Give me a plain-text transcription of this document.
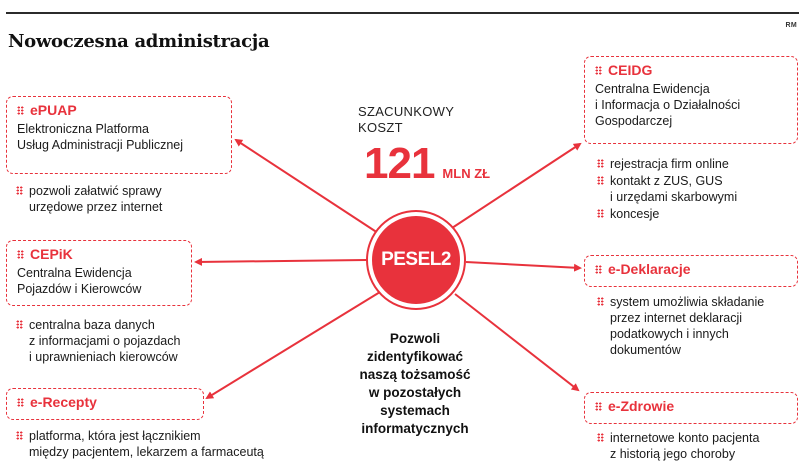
RM
Nowoczesna administracja
ePUAP
Elektroniczna Platforma
Usług Administracji Publicznej
pozwoli załatwić sprawy
urzędowe przez internet
CEPiK
Centralna Ewidencja
Pojazdów i Kierowców
centralna baza danych
z informacjami o pojazdach
i uprawnieniach kierowców
e-Recepty
platforma, która jest łącznikiem
między pacjentem, lekarzem a farmaceutą
SZACUNKOWY
KOSZT
121 MLN ZŁ
PESEL2
Pozwoli
zidentyfikować
naszą tożsamość
w pozostałych
systemach
informatycznych
CEIDG
Centralna Ewidencja
i Informacja o Działalności
Gospodarczej
rejestracja firm online
kontakt z ZUS, GUS
i urzędami skarbowymi
koncesje
e-Deklaracje
system umożliwia składanie
przez internet deklaracji
podatkowych i innych
dokumentów
e-Zdrowie
internetowe konto pacjenta
z historią jego choroby
